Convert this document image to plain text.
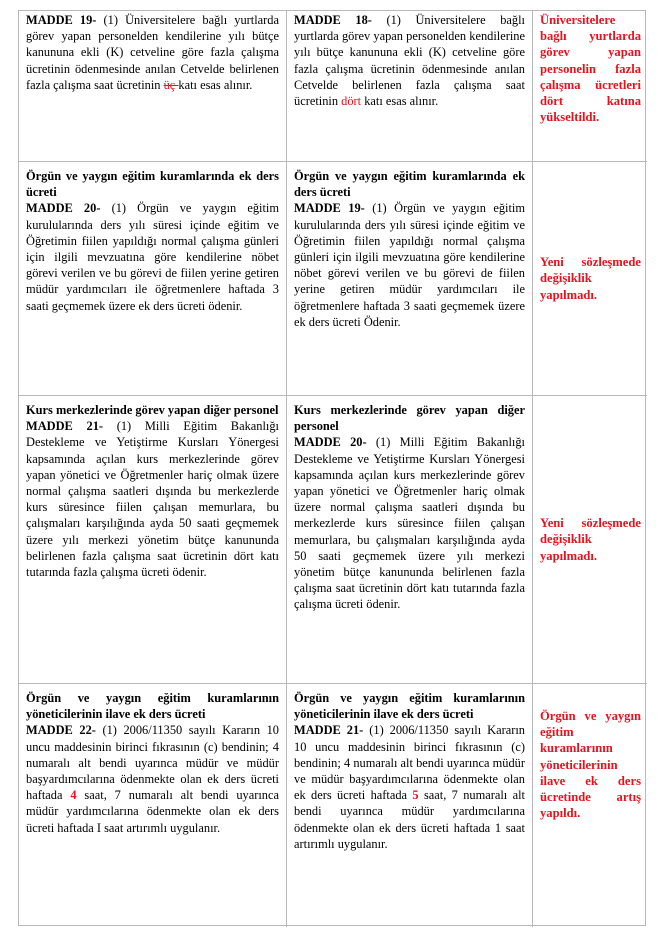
MADDE 19- (1) Üniversitelere bağlı yurtlarda görev yapan personelden kendilerine yılı bütçe kanununa ekli (K) cetveline göre fazla çalışma ücretinin ödenmesinde anılan Cetvelde belirlenen fazla çalışma saat ücretinin üç katı esas alınır.

MADDE 18- (1) Üniversitelere bağlı yurtlarda görev yapan personelden kendilerine yılı bütçe kanununa ekli (K) cetveline göre fazla çalışma ücretinin ödenmesinde anılan Cetvelde belirlenen fazla çalışma saat ücretinin dört katı esas alınır.

Üniversitelere bağlı yurtlarda görev yapan personelin fazla çalışma ücretleri dört katına yükseltildi.

Örgün ve yaygın eğitim kuramlarında ek ders ücreti

MADDE 20- (1) Örgün ve yaygın eğitim kurulularında ders yılı süresi içinde eğitim ve Öğretimin fiilen yapıldığı normal çalışma günleri için ilgili mevzuatına göre kendilerine nöbet görevi verilen ve bu görevi de fiilen yerine getiren müdür yardımcıları ile öğretmenlere haftada 3 saati geçmemek üzere ek ders ücreti ödenir.

Örgün ve yaygın eğitim kuramlarında ek ders ücreti

MADDE 19- (1) Örgün ve yaygın eğitim kurulularında ders yılı süresi içinde eğitim ve Öğretimin fiilen yapıldığı normal çalışma günleri için ilgili mevzuatına göre kendilerine nöbet görevi verilen ve bu görevi de fiilen yerine getiren müdür yardımcıları ile öğretmenlere haftada 3 saati geçmemek üzere ek ders ücreti Ödenir.

Yeni sözleşmede değişiklik yapılmadı.

Kurs merkezlerinde görev yapan diğer personel

MADDE 21- (1) Milli Eğitim Bakanlığı Destekleme ve Yetiştirme Kursları Yönergesi kapsamında açılan kurs merkezlerinde görev yapan yönetici ve Öğretmenler hariç olmak üzere normal çalışma saatleri dışında bu merkezlerde kurs süresince fiilen çalışan memurlara, bu çalışmaları karşılığında ayda 50 saati geçmemek üzere yılı merkezi yönetim bütçe kanununda belirlenen fazla çalışma saat ücretinin dört katı tutarında fazla çalışma ücreti ödenir.

Kurs merkezlerinde görev yapan diğer personel

MADDE 20- (1) Milli Eğitim Bakanlığı Destekleme ve Yetiştirme Kursları Yönergesi kapsamında açılan kurs merkezlerinde görev yapan yönetici ve Öğretmenler hariç olmak üzere normal çalışma saatleri dışında bu merkezlerde kurs süresince fiilen çalışan memurlara, bu çalışmaları karşılığında ayda 50 saati geçmemek üzere yılı merkezi yönetim bütçe kanununda belirlenen fazla çalışma saat ücretinin dört katı tutarında fazla çalışma ücreti ödenir.

Yeni sözleşmede değişiklik yapılmadı.

Örgün ve yaygın eğitim kuramlarının yöneticilerinin ilave ek ders ücreti

MADDE 22- (1) 2006/11350 sayılı Kararın 10 uncu maddesinin birinci fıkrasının (c) bendinin; 4 numaralı alt bendi uyarınca müdür ve müdür başyardımcılarına ödenmekte olan ek ders ücreti haftada 4 saat, 7 numaralı alt bendi uyarınca müdür yardımcılarına ödenmekte olan ek ders ücreti haftada I saat artırımlı uygulanır.

Örgün ve yaygın eğitim kuramlarının yöneticilerinin ilave ek ders ücreti

MADDE 21- (1) 2006/11350 sayılı Kararın 10 uncu maddesinin birinci fıkrasının (c) bendinin; 4 numaralı alt bendi uyarınca müdür ve müdür başyardımcılarına ödenmekte olan ek ders ücreti haftada 5 saat, 7 numaralı alt bendi uyarınca müdür yardımcılarına ödenmekte olan ek ders ücreti haftada 1 saat artırımlı uygulanır.

Örgün ve yaygın eğitim kuramlarının yöneticilerinin ilave ek ders ücretinde artış yapıldı.
